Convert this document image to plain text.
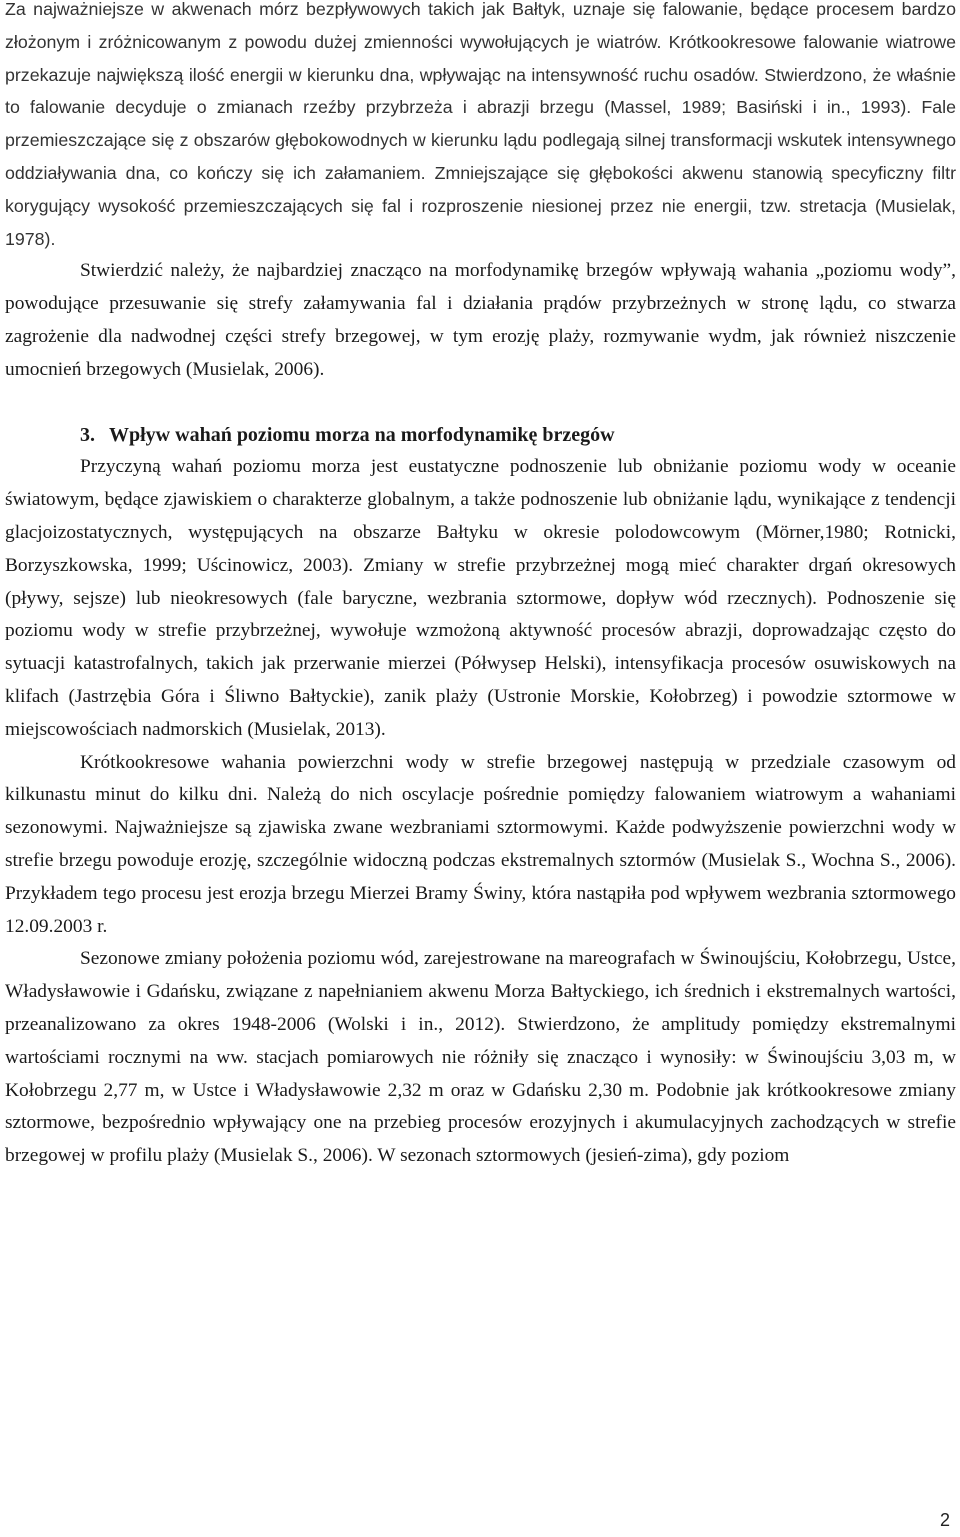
Za najważniejsze w akwenach mórz bezpływowych takich jak Bałtyk, uznaje się falowanie, będące procesem bardzo złożonym i zróżnicowanym z powodu dużej zmienności wywołujących je wiatrów. Krótkookresowe falowanie wiatrowe przekazuje największą ilość energii w kierunku dna, wpływając na intensywność ruchu osadów. Stwierdzono, że właśnie to falowanie decyduje o zmianach rzeźby przybrzeża i abrazji brzegu (Massel, 1989; Basiński i in., 1993). Fale przemieszczające się z obszarów głębokowodnych w kierunku lądu podlegają silnej transformacji wskutek intensywnego oddziaływania dna, co kończy się ich załamaniem. Zmniejszające się głębokości akwenu stanowią specyficzny filtr korygujący wysokość przemieszczających się fal i rozproszenie niesionej przez nie energii, tzw. stretacja (Musielak, 1978).

Stwierdzić należy, że najbardziej znacząco na morfodynamikę brzegów wpływają wahania „poziomu wody”, powodujące przesuwanie się strefy załamywania fal i działania prądów przybrzeżnych w stronę lądu, co stwarza zagrożenie dla nadwodnej części strefy brzegowej, w tym erozję plaży, rozmywanie wydm, jak również niszczenie umocnień brzegowych (Musielak, 2006).

3. Wpływ wahań poziomu morza na morfodynamikę brzegów

Przyczyną wahań poziomu morza jest eustatyczne podnoszenie lub obniżanie poziomu wody w oceanie światowym, będące zjawiskiem o charakterze globalnym, a także podnoszenie lub obniżanie lądu, wynikające z tendencji glacjoizostatycznych, występujących na obszarze Bałtyku w okresie polodowcowym (Mörner,1980; Rotnicki, Borzyszkowska, 1999; Uścinowicz, 2003). Zmiany w strefie przybrzeżnej mogą mieć charakter drgań okresowych (pływy, sejsze) lub nieokresowych (fale baryczne, wezbrania sztormowe, dopływ wód rzecznych). Podnoszenie się poziomu wody w strefie przybrzeżnej, wywołuje wzmożoną aktywność procesów abrazji, doprowadzając często do sytuacji katastrofalnych, takich jak przerwanie mierzei (Półwysep Helski), intensyfikacja procesów osuwiskowych na klifach (Jastrzębia Góra i Śliwno Bałtyckie), zanik plaży (Ustronie Morskie, Kołobrzeg) i powodzie sztormowe w miejscowościach nadmorskich (Musielak, 2013).

Krótkookresowe wahania powierzchni wody w strefie brzegowej następują w przedziale czasowym od kilkunastu minut do kilku dni. Należą do nich oscylacje pośrednie pomiędzy falowaniem wiatrowym a wahaniami sezonowymi. Najważniejsze są zjawiska zwane wezbraniami sztormowymi. Każde podwyższenie powierzchni wody w strefie brzegu powoduje erozję, szczególnie widoczną podczas ekstremalnych sztormów (Musielak S., Wochna S., 2006). Przykładem tego procesu jest erozja brzegu Mierzei Bramy Świny, która nastąpiła pod wpływem wezbrania sztormowego 12.09.2003 r.

Sezonowe zmiany położenia poziomu wód, zarejestrowane na mareografach w Świnoujściu, Kołobrzegu, Ustce, Władysławowie i Gdańsku, związane z napełnianiem akwenu Morza Bałtyckiego, ich średnich i ekstremalnych wartości, przeanalizowano za okres 1948-2006 (Wolski i in., 2012). Stwierdzono, że amplitudy pomiędzy ekstremalnymi wartościami rocznymi na ww. stacjach pomiarowych nie różniły się znacząco i wynosiły: w Świnoujściu 3,03 m, w Kołobrzegu 2,77 m, w Ustce i Władysławowie 2,32 m oraz w Gdańsku 2,30 m. Podobnie jak krótkookresowe zmiany sztormowe, bezpośrednio wpływający one na przebieg procesów erozyjnych i akumulacyjnych zachodzących w strefie brzegowej w profilu plaży (Musielak S., 2006). W sezonach sztormowych (jesień-zima), gdy poziom

2
